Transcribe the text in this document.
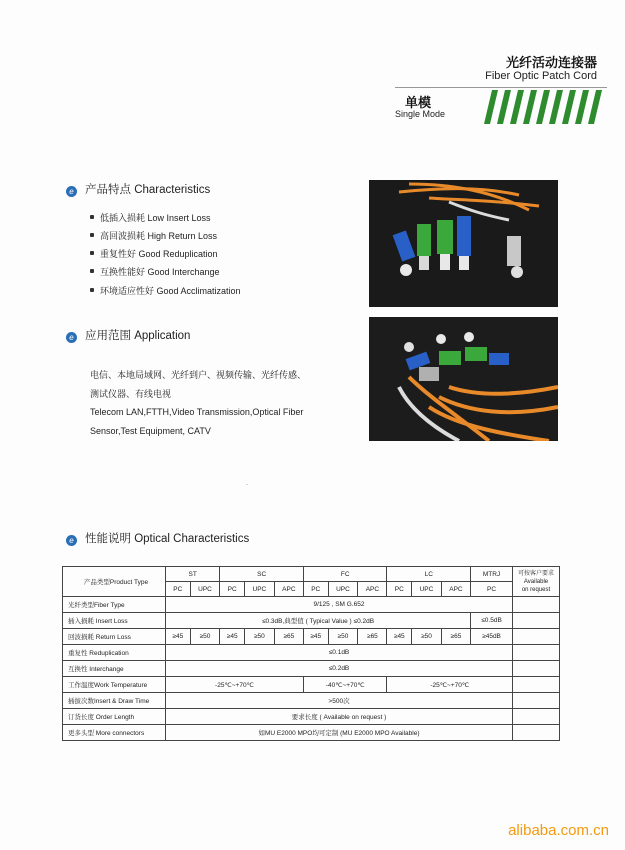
光纤活动连接器
Fiber Optic Patch Cord
单模
Single Mode
e 产品特点 Characteristics
低插入损耗 Low Insert Loss
高回波损耗 High Return Loss
重复性好 Good Reduplication
互换性能好 Good Interchange
环境适应性好 Good Acclimatization
e 应用范围 Application
电信、本地局域网、光纤到户、视频传输、光纤传感、
测试仪器、有线电视
Telecom LAN,FTTH,Video Transmission,Optical Fiber
Sensor,Test Equipment, CATV
·
e 性能说明 Optical Characteristics
产品类型Product Type	ST		SC			FC			LC			MTRJ	可按客户要求
Available
on request
	PC	UPC	PC	UPC	APC	PC	UPC	APC	PC	UPC	APC	PC	
光纤类型Fiber Type	9/125 , SM G.652												
插入损耗 Insert Loss	≤0.3dB,典型值 ( Typical Value ) ≤0.2dB											≤0.5dB	
回波损耗 Return Loss	≥45	≥50	≥45	≥50	≥65	≥45	≥50	≥65	≥45	≥50	≥65	≥45dB	
重复性 Reduplication	≤0.1dB												
互换性 Interchange	≤0.2dB												
工作温度Work Temperature	-25℃~+70℃					-40℃~+70℃			-25℃~+70℃				
插拔次数Insert & Draw Time	>500次												
订货长度 Order Length	要求长度 ( Available on request )												
更多头型 More connectors	如MU E2000 MPO均可定制 (MU E2000 MPO Available)												
alibaba.com.cn
